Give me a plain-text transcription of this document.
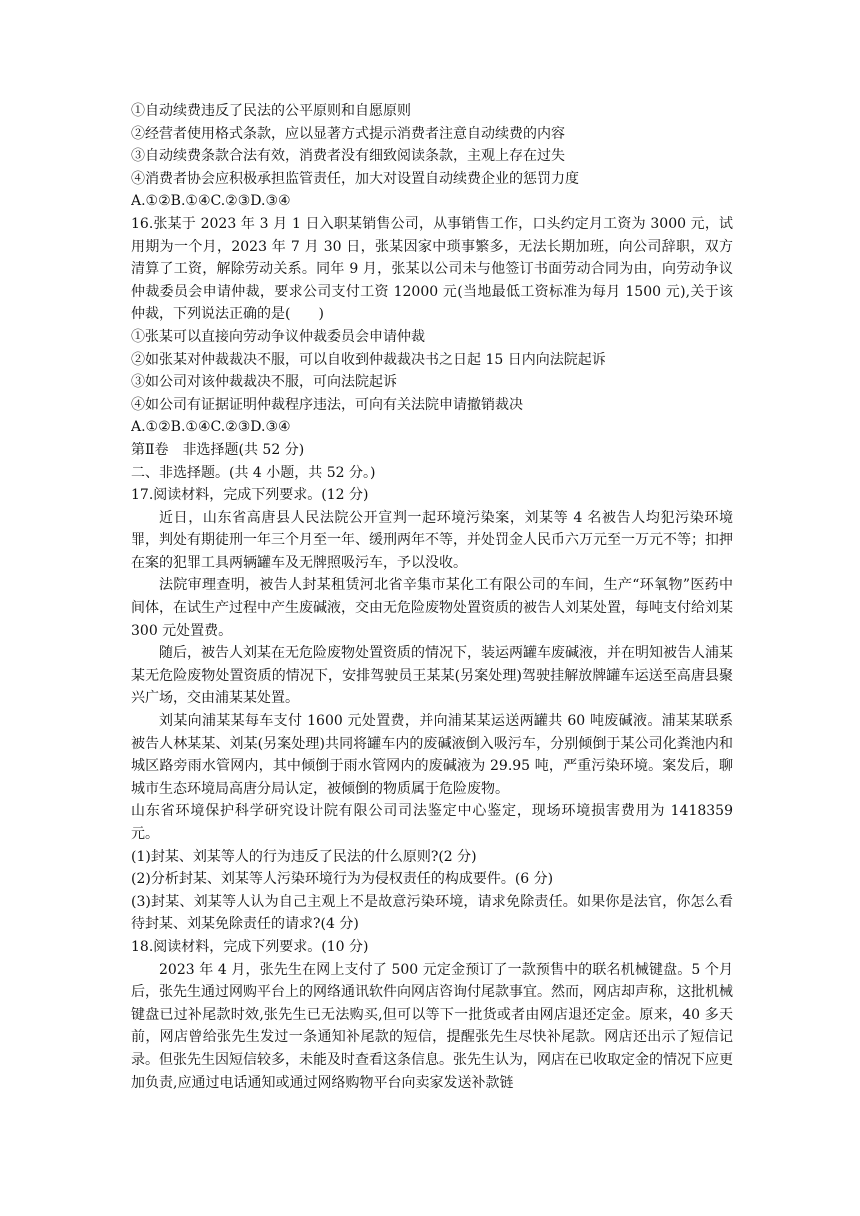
①自动续费违反了民法的公平原则和自愿原则
②经营者使用格式条款，应以显著方式提示消费者注意自动续费的内容
③自动续费条款合法有效，消费者没有细致阅读条款，主观上存在过失
④消费者协会应积极承担监管责任，加大对设置自动续费企业的惩罚力度
A.①②B.①④C.②③D.③④
16.张某于 2023 年 3 月 1 日入职某销售公司，从事销售工作，口头约定月工资为 3000 元，试用期为一个月，2023 年 7 月 30 日，张某因家中琐事繁多，无法长期加班，向公司辞职，双方清算了工资，解除劳动关系。同年 9 月，张某以公司未与他签订书面劳动合同为由，向劳动争议仲裁委员会申请仲裁，要求公司支付工资 12000 元(当地最低工资标准为每月 1500 元),关于该仲裁，下列说法正确的是(　　)
①张某可以直接向劳动争议仲裁委员会申请仲裁
②如张某对仲裁裁决不服，可以自收到仲裁裁决书之日起 15 日内向法院起诉
③如公司对该仲裁裁决不服，可向法院起诉
④如公司有证据证明仲裁程序违法，可向有关法院申请撤销裁决
A.①②B.①④C.②③D.③④
第Ⅱ卷　非选择题(共 52 分)
二、非选择题。(共 4 小题，共 52 分。)
17.阅读材料，完成下列要求。(12 分)
近日，山东省高唐县人民法院公开宣判一起环境污染案，刘某等 4 名被告人均犯污染环境罪，判处有期徒刑一年三个月至一年、缓刑两年不等，并处罚金人民币六万元至一万元不等；扣押在案的犯罪工具两辆罐车及无牌照吸污车，予以没收。
法院审理查明，被告人封某租赁河北省辛集市某化工有限公司的车间，生产“环氧物”医药中间体，在试生产过程中产生废碱液，交由无危险废物处置资质的被告人刘某处置，每吨支付给刘某 300 元处置费。
随后，被告人刘某在无危险废物处置资质的情况下，装运两罐车废碱液，并在明知被告人浦某某无危险废物处置资质的情况下，安排驾驶员王某某(另案处理)驾驶挂解放牌罐车运送至高唐县聚兴广场，交由浦某某处置。
刘某向浦某某每车支付 1600 元处置费，并向浦某某运送两罐共 60 吨废碱液。浦某某联系被告人林某某、刘某(另案处理)共同将罐车内的废碱液倒入吸污车，分别倾倒于某公司化粪池内和城区路旁雨水管网内，其中倾倒于雨水管网内的废碱液为 29.95 吨，严重污染环境。案发后，聊城市生态环境局高唐分局认定，被倾倒的物质属于危险废物。
山东省环境保护科学研究设计院有限公司司法鉴定中心鉴定，现场环境损害费用为 1418359 元。
(1)封某、刘某等人的行为违反了民法的什么原则?(2 分)
(2)分析封某、刘某等人污染环境行为为侵权责任的构成要件。(6 分)
(3)封某、刘某等人认为自己主观上不是故意污染环境，请求免除责任。如果你是法官，你怎么看待封某、刘某免除责任的请求?(4 分)
18.阅读材料，完成下列要求。(10 分)
2023 年 4 月，张先生在网上支付了 500 元定金预订了一款预售中的联名机械键盘。5 个月后，张先生通过网购平台上的网络通讯软件向网店咨询付尾款事宜。然而，网店却声称，这批机械键盘已过补尾款时效,张先生已无法购买,但可以等下一批货或者由网店退还定金。原来，40 多天前，网店曾给张先生发过一条通知补尾款的短信，提醒张先生尽快补尾款。网店还出示了短信记录。但张先生因短信较多，未能及时查看这条信息。张先生认为，网店在已收取定金的情况下应更加负责,应通过电话通知或通过网络购物平台向卖家发送补款链
